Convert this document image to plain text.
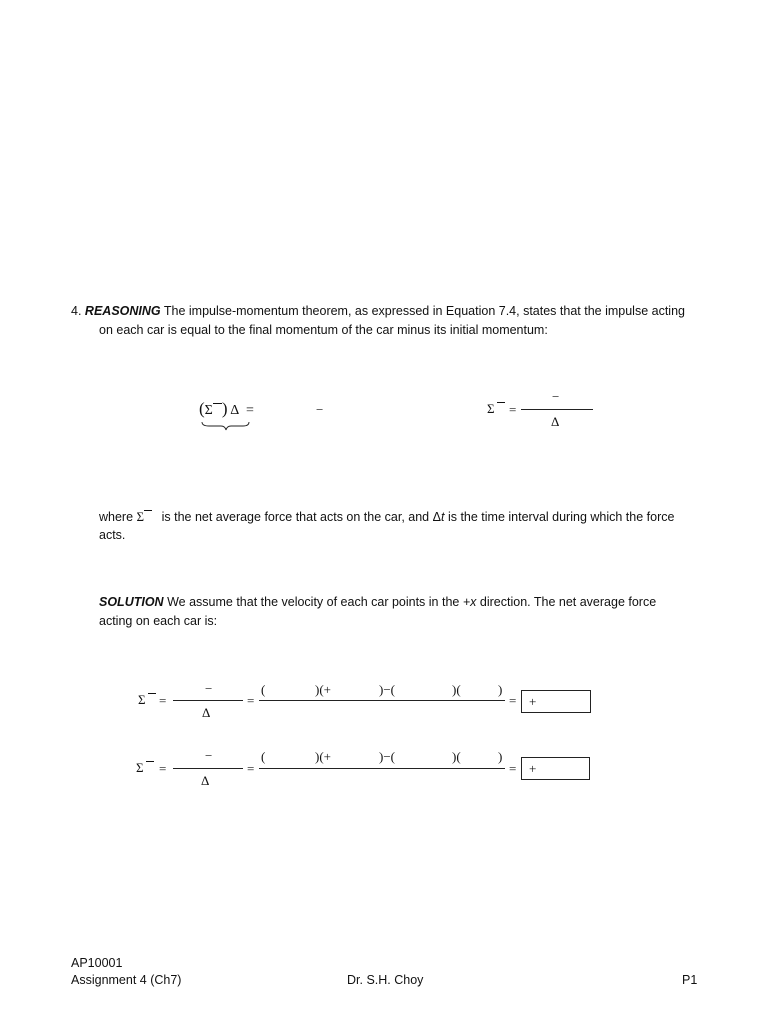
4. REASONING The impulse-momentum theorem, as expressed in Equation 7.4, states that the impulse acting
on each car is equal to the final momentum of the car minus its initial momentum:
(Σ ) Δ =	−	Σ =
−
Δ
where Σ is the net average force that acts on the car, and Δt is the time interval during which the force
acts.
SOLUTION We assume that the velocity of each car points in the +x direction. The net average force
acting on each car is:
Σ =
−
Δ
=
(	)(+	)−(	)(	)
= +
Σ =
−
Δ
=
(	)(+	)−(	)(	)
= +
AP10001
Assignment 4 (Ch7)	Dr. S.H. Choy	P1
